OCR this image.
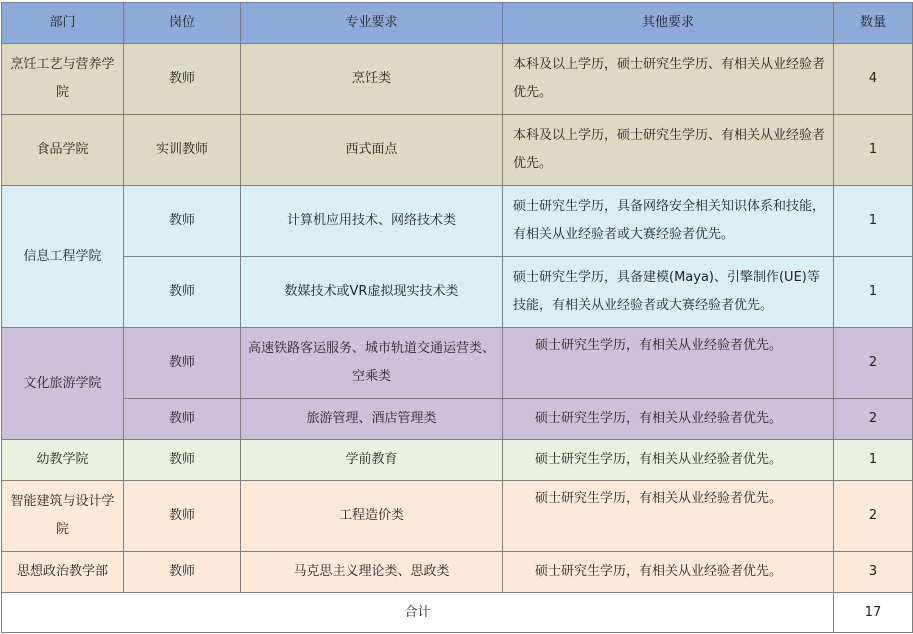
部门	岗位	专业要求	其他要求	数量
烹饪工艺与营养学院	教师	烹饪类	本科及以上学历，硕士研究生学历、有相关从业经验者优先。	4
食品学院	实训教师	西式面点	本科及以上学历，硕士研究生学历、有相关从业经验者优先。	1
信息工程学院	教师	计算机应用技术、网络技术类	硕士研究生学历，具备网络安全相关知识体系和技能，有相关从业经验者或大赛经验者优先。	1
	教师	数媒技术或VR虚拟现实技术类	硕士研究生学历，具备建模(Maya)、引擎制作(UE)等技能，有相关从业经验者或大赛经验者优先。	1
文化旅游学院	教师	高速铁路客运服务、城市轨道交通运营类、空乘类	硕士研究生学历，有相关从业经验者优先。	2
	教师	旅游管理、酒店管理类	硕士研究生学历，有相关从业经验者优先。	2
幼教学院	教师	学前教育	硕士研究生学历，有相关从业经验者优先。	1
智能建筑与设计学院	教师	工程造价类	硕士研究生学历，有相关从业经验者优先。	2
思想政治教学部	教师	马克思主义理论类、思政类	硕士研究生学历，有相关从业经验者优先。	3
合计				17
